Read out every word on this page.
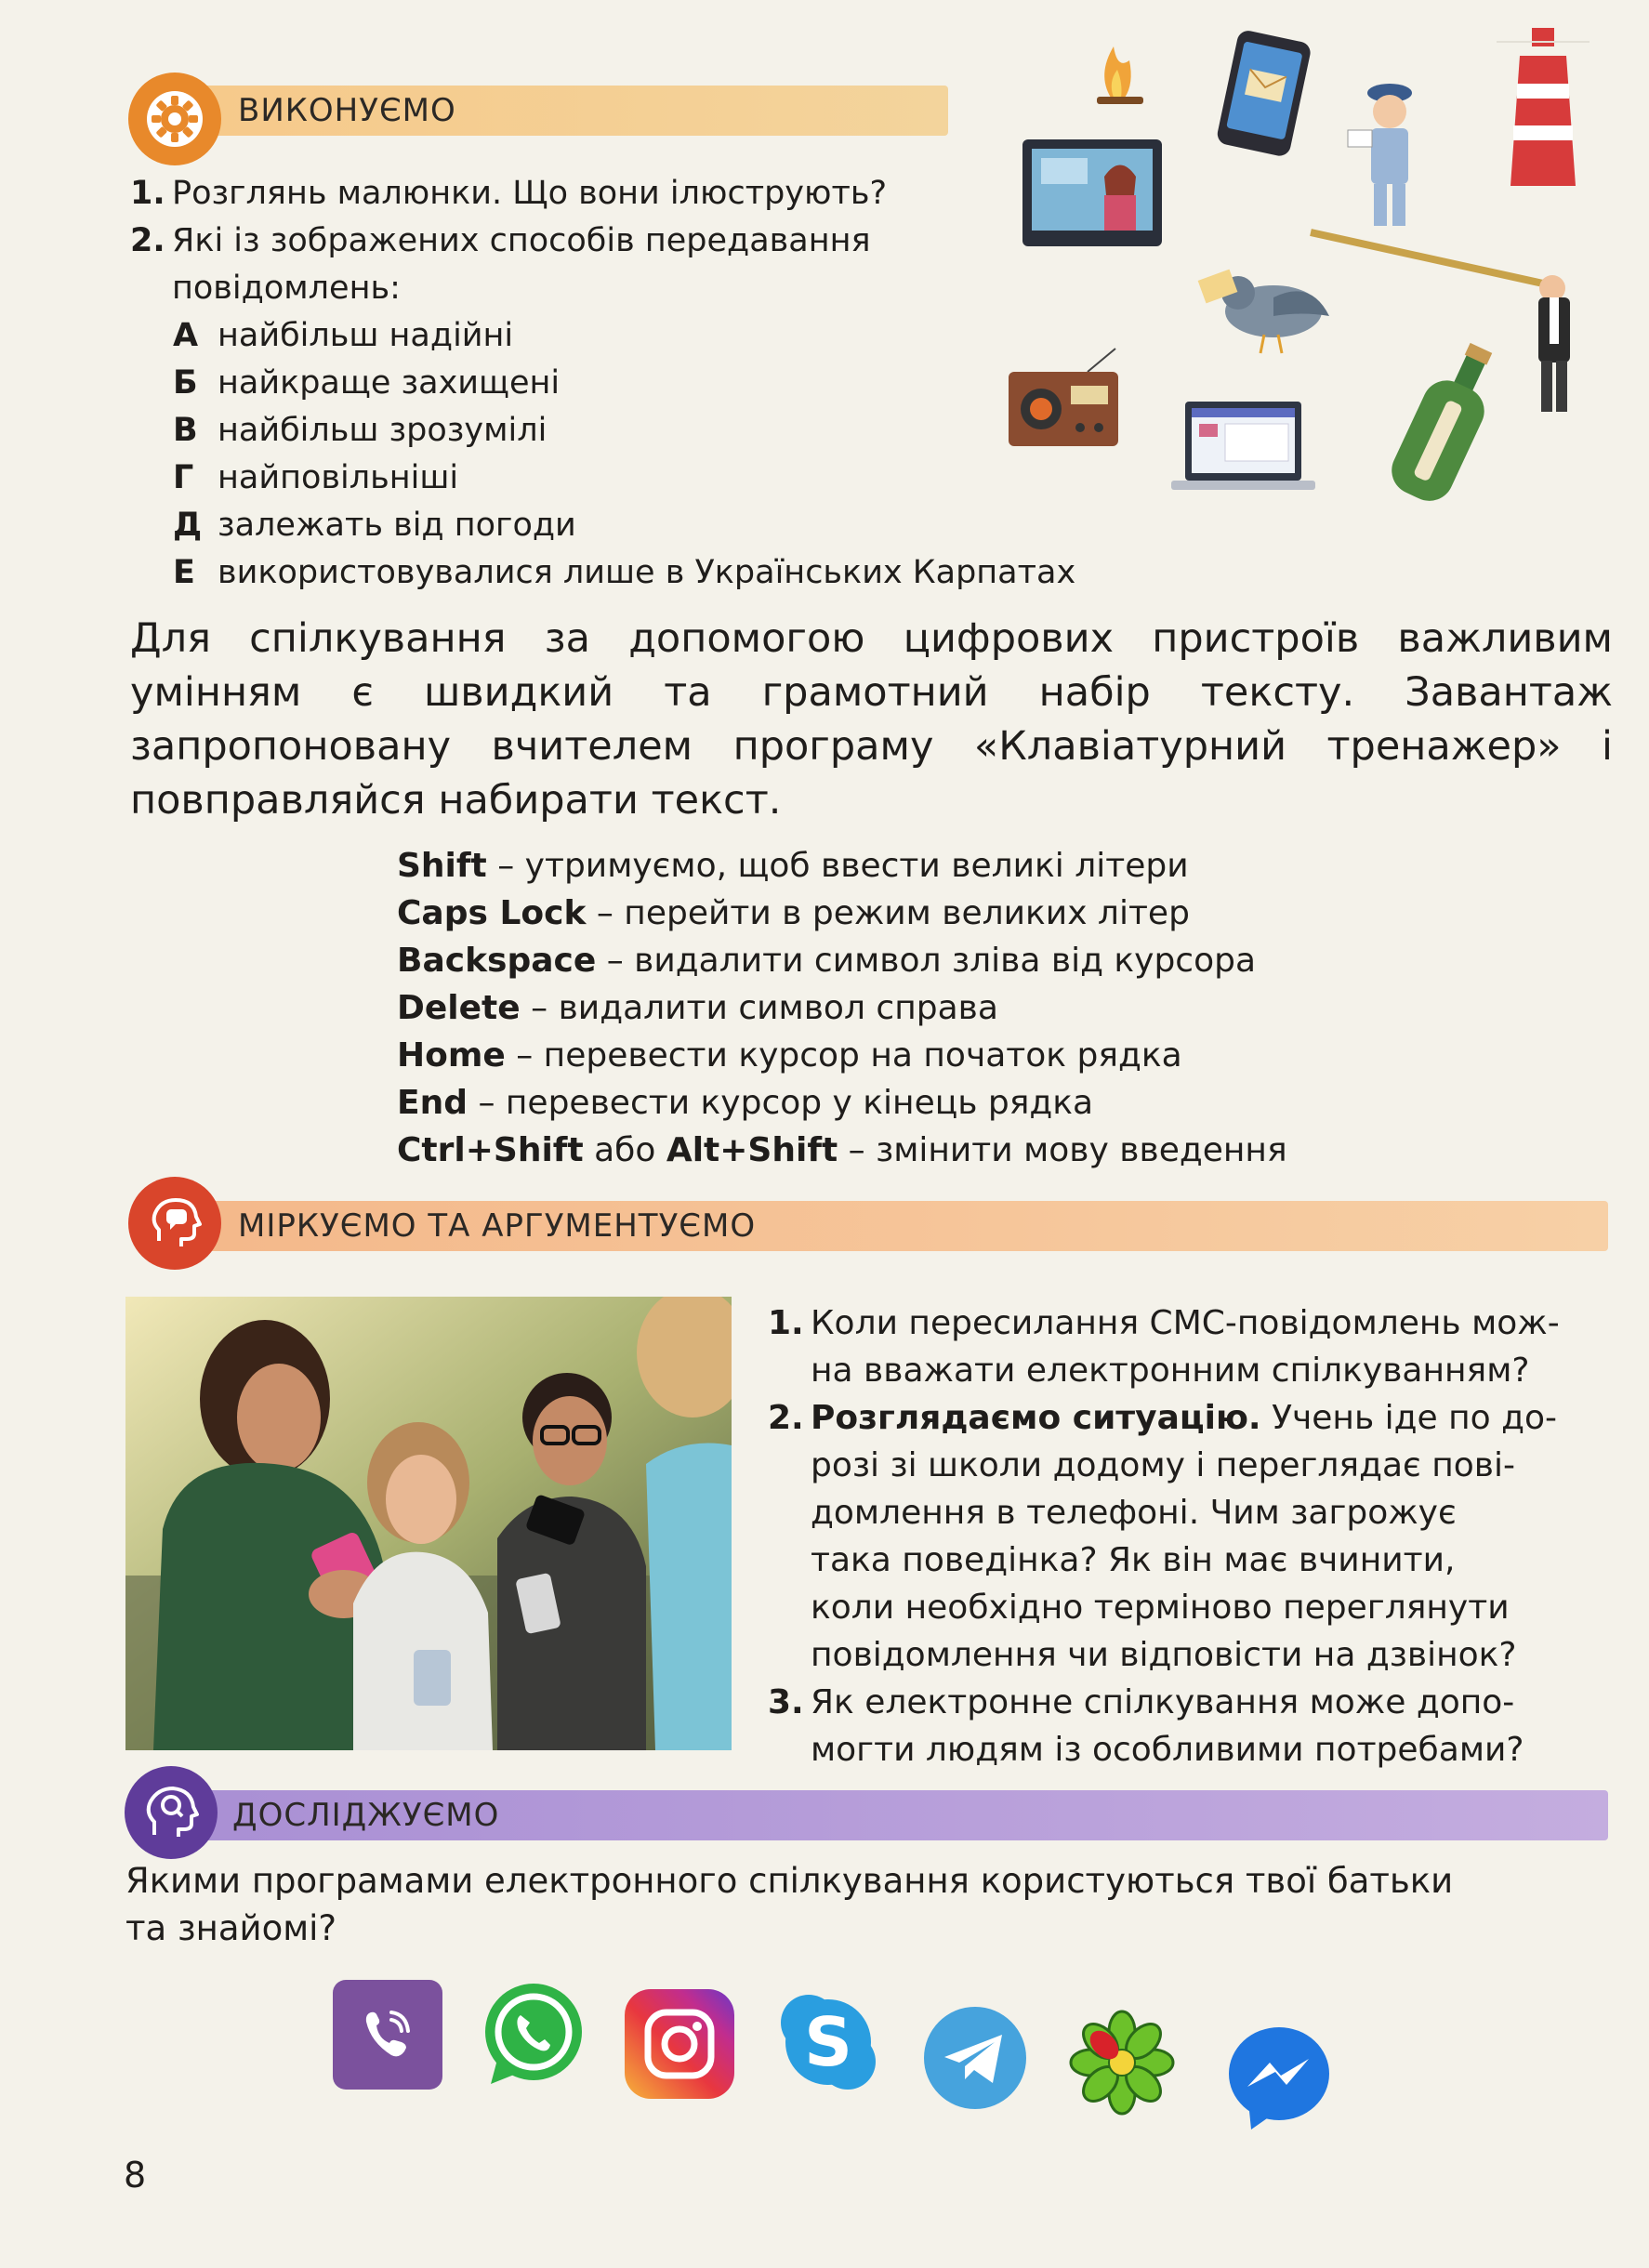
ВИКОНУЄМО
1. Розглянь малюнки. Що вони ілюструють?
2. Які із зображених способів передавання
повідомлень:
А найбільш надійні
Б найкраще захищені
В найбільш зрозумілі
Г найповільніші
Д залежать від погоди
Е використовувалися лише в Українських Карпатах
Для спілкування за допомогою цифрових пристроїв важливим умінням є швидкий та грамотний набір тексту. Завантаж запропоновану вчителем програму «Клавіатурний тренажер» і повправляйся набирати текст.
Shift – утримуємо, щоб ввести великі літери
Caps Lock – перейти в режим великих літер
Backspace – видалити символ зліва від курсора
Delete – видалити символ справа
Home – перевести курсор на початок рядка
End – перевести курсор у кінець рядка
Ctrl+Shift або Alt+Shift – змінити мову введення
МІРКУЄМО ТА АРГУМЕНТУЄМО
1. Коли пересилання СМС-повідомлень мож-
на вважати електронним спілкуванням?
2. Розглядаємо ситуацію. Учень іде по до-
розі зі школи додому і переглядає пові-
домлення в телефоні. Чим загрожує
така поведінка? Як він має вчинити,
коли необхідно терміново переглянути
повідомлення чи відповісти на дзвінок?
3. Як електронне спілкування може допо-
могти людям із особливими потребами?
ДОСЛІДЖУЄМО
Якими програмами електронного спілкування користуються твої батьки
та знайомі?
S
8
